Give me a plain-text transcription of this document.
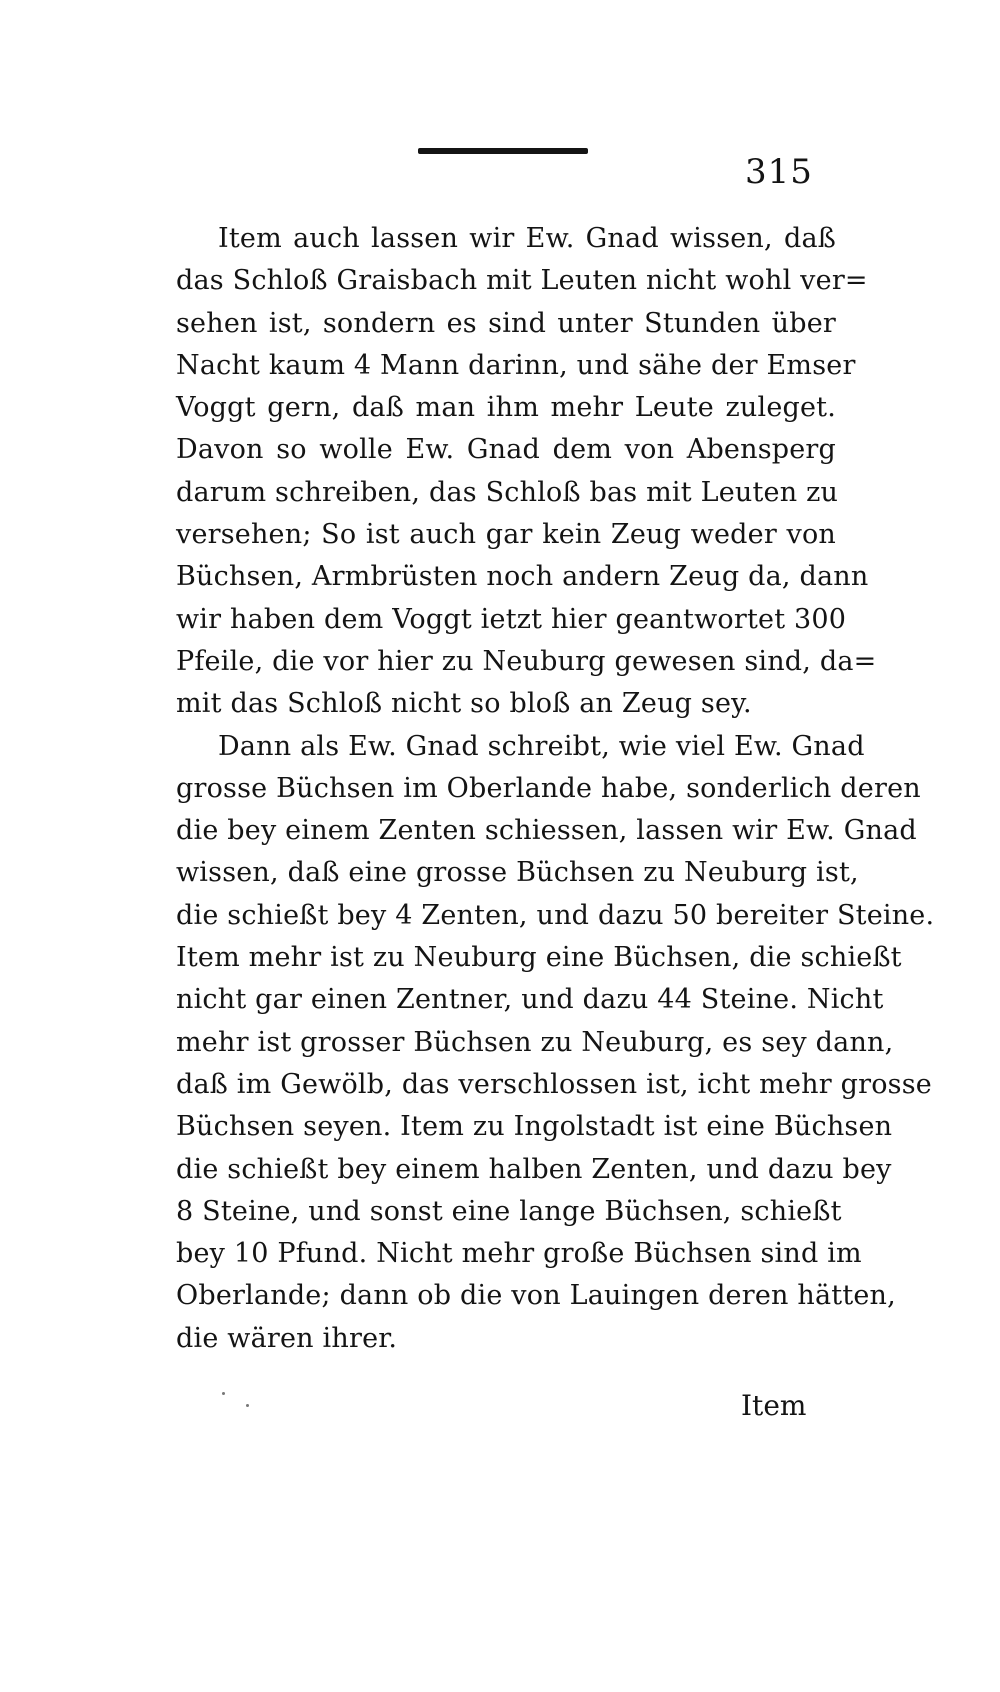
315
Item auch lassen wir Ew. Gnad wissen, daß
das Schloß Graisbach mit Leuten nicht wohl ver=
sehen ist, sondern es sind unter Stunden über
Nacht kaum 4 Mann darinn, und sähe der Emser
Voggt gern, daß man ihm mehr Leute zuleget.
Davon so wolle Ew. Gnad dem von Abensperg
darum schreiben, das Schloß bas mit Leuten zu
versehen; So ist auch gar kein Zeug weder von
Büchsen, Armbrüsten noch andern Zeug da, dann
wir haben dem Voggt ietzt hier geantwortet 300
Pfeile, die vor hier zu Neuburg gewesen sind, da=
mit das Schloß nicht so bloß an Zeug sey.
Dann als Ew. Gnad schreibt, wie viel Ew. Gnad
grosse Büchsen im Oberlande habe, sonderlich deren
die bey einem Zenten schiessen, lassen wir Ew. Gnad
wissen, daß eine grosse Büchsen zu Neuburg ist,
die schießt bey 4 Zenten, und dazu 50 bereiter Steine.
Item mehr ist zu Neuburg eine Büchsen, die schießt
nicht gar einen Zentner, und dazu 44 Steine. Nicht
mehr ist grosser Büchsen zu Neuburg, es sey dann,
daß im Gewölb, das verschlossen ist, icht mehr grosse
Büchsen seyen. Item zu Ingolstadt ist eine Büchsen
die schießt bey einem halben Zenten, und dazu bey
8 Steine, und sonst eine lange Büchsen, schießt
bey 10 Pfund. Nicht mehr große Büchsen sind im
Oberlande; dann ob die von Lauingen deren hätten,
die wären ihrer.
Item
